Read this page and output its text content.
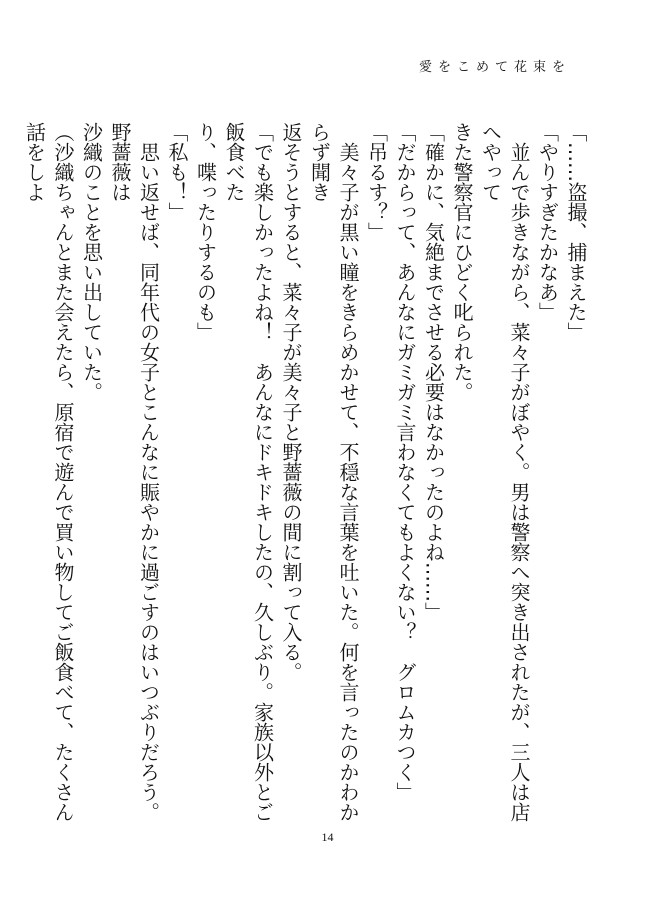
愛をこめて花束を

「……盗撮、捕まえた」

「やりすぎたかなあ」

　並んで歩きながら、菜々子がぼやく。男は警察へ突き出されたが、三人は店へやって

きた警察官にひどく叱られた。

「確かに、気絶までさせる必要はなかったのよね……」

「だからって、あんなにガミガミ言わなくてもよくない？　グロムカつく」

「吊るす？」

　美々子が黒い瞳をきらめかせて、不穏な言葉を吐いた。何を言ったのかわからず聞き

返そうとすると、菜々子が美々子と野薔薇の間に割って入る。

「でも楽しかったよね！　あんなにドキドキしたの、久しぶり。家族以外とご飯食べた

り、喋ったりするのも」

「私も！」

　思い返せば、同年代の女子とこんなに賑やかに過ごすのはいつぶりだろう。野薔薇は

沙織のことを思い出していた。

（沙織ちゃんとまた会えたら、原宿で遊んで買い物してご飯食べて、たくさん話をしよ

14
